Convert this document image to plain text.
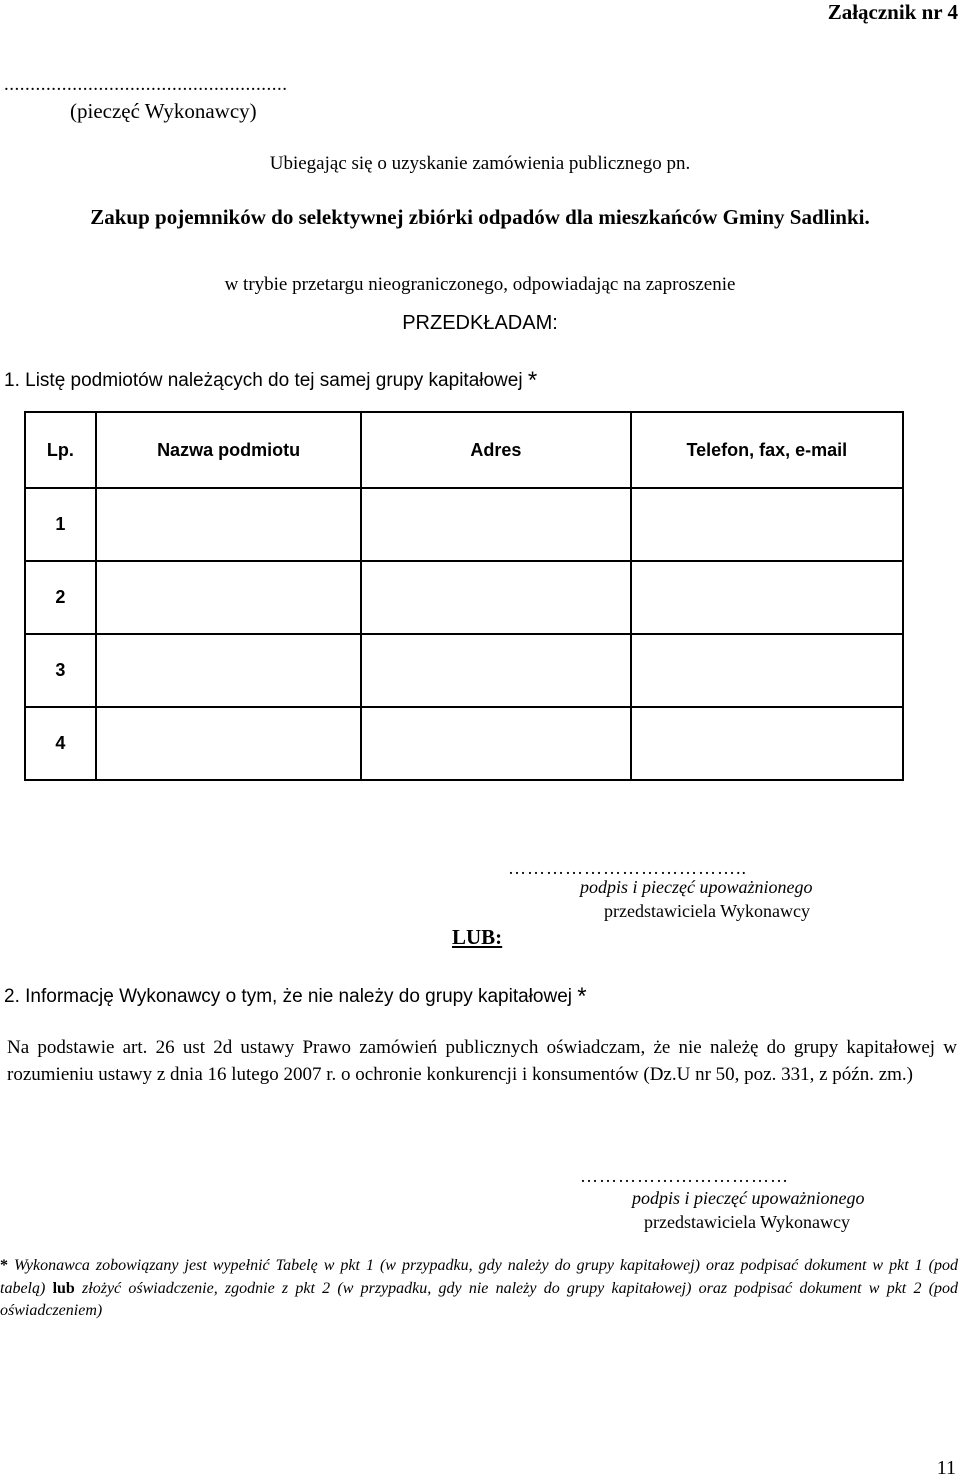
Załącznik nr 4
......................................................
(pieczęć Wykonawcy)
Ubiegając się o uzyskanie zamówienia publicznego pn.
Zakup pojemników do selektywnej zbiórki odpadów dla mieszkańców Gminy Sadlinki.
w trybie przetargu nieograniczonego, odpowiadając na zaproszenie
PRZEDKŁADAM:
1. Listę podmiotów należących do tej samej grupy kapitałowej *
Lp.	Nazwa podmiotu	Adres	Telefon, fax, e-mail
1			
2			
3			
4			
………………………………..
podpis i pieczęć upoważnionego
przedstawiciela Wykonawcy
LUB:
2. Informację Wykonawcy o tym, że nie należy do grupy kapitałowej *
Na podstawie art. 26 ust 2d ustawy Prawo zamówień publicznych oświadczam, że nie należę do grupy kapitałowej w rozumieniu ustawy z dnia 16 lutego 2007 r. o ochronie konkurencji i konsumentów (Dz.U nr 50, poz. 331, z późn. zm.)
……………………………
podpis i pieczęć upoważnionego
przedstawiciela Wykonawcy
* Wykonawca zobowiązany jest wypełnić Tabelę w pkt 1 (w przypadku, gdy należy do grupy kapitałowej) oraz podpisać dokument w pkt 1 (pod tabelą) lub złożyć oświadczenie, zgodnie z pkt 2 (w przypadku, gdy nie należy do grupy kapitałowej) oraz podpisać dokument w pkt 2 (pod oświadczeniem)
11
